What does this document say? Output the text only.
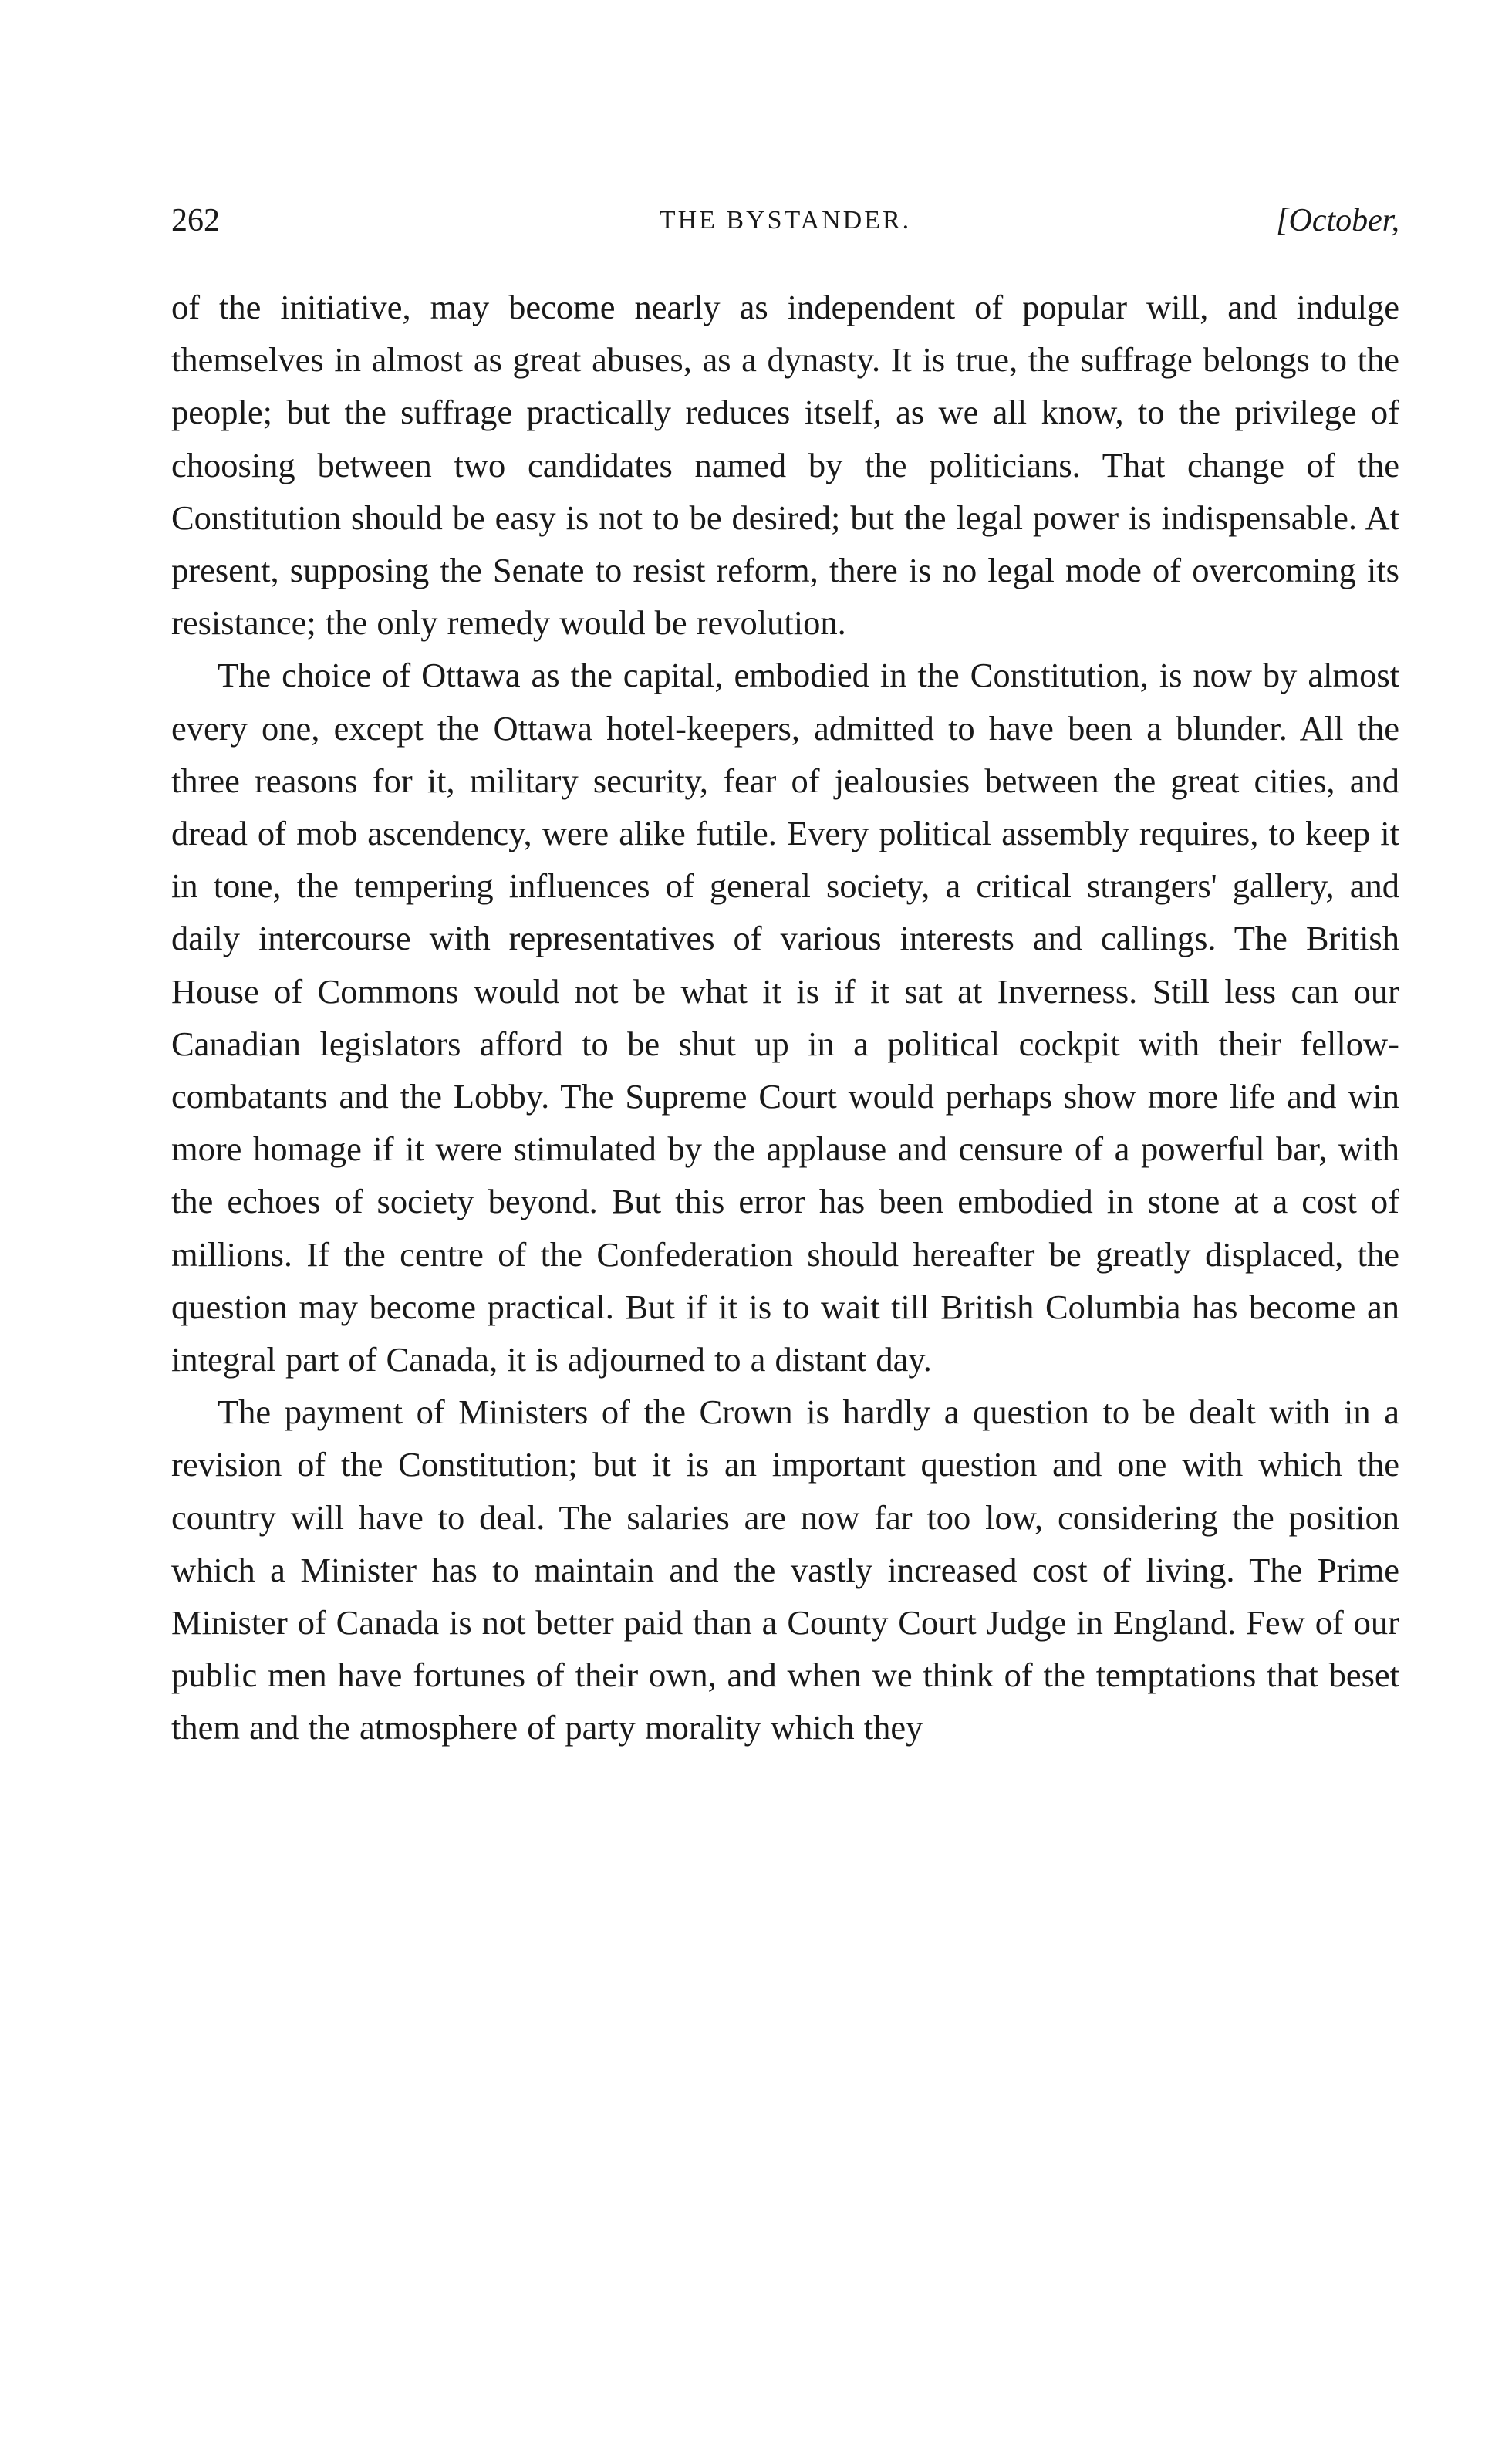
262	THE BYSTANDER.	[October,

of the initiative, may become nearly as independent of popular will, and indulge themselves in almost as great abuses, as a dynasty. It is true, the suffrage belongs to the people; but the suffrage practically reduces itself, as we all know, to the privilege of choosing between two candidates named by the politicians. That change of the Constitution should be easy is not to be desired; but the legal power is indispensable. At present, supposing the Senate to resist reform, there is no legal mode of overcoming its resistance; the only remedy would be revolution.

The choice of Ottawa as the capital, embodied in the Constitution, is now by almost every one, except the Ottawa hotel-keepers, admitted to have been a blunder. All the three reasons for it, military security, fear of jealousies between the great cities, and dread of mob ascendency, were alike futile. Every political assembly requires, to keep it in tone, the tempering influences of general society, a critical strangers' gallery, and daily intercourse with representatives of various interests and callings. The British House of Commons would not be what it is if it sat at Inverness. Still less can our Canadian legislators afford to be shut up in a political cockpit with their fellow-combatants and the Lobby. The Supreme Court would perhaps show more life and win more homage if it were stimulated by the applause and censure of a powerful bar, with the echoes of society beyond. But this error has been embodied in stone at a cost of millions. If the centre of the Confederation should hereafter be greatly displaced, the question may become practical. But if it is to wait till British Columbia has become an integral part of Canada, it is adjourned to a distant day.

The payment of Ministers of the Crown is hardly a question to be dealt with in a revision of the Constitution; but it is an important question and one with which the country will have to deal. The salaries are now far too low, considering the position which a Minister has to maintain and the vastly increased cost of living. The Prime Minister of Canada is not better paid than a County Court Judge in England. Few of our public men have fortunes of their own, and when we think of the temptations that beset them and the atmosphere of party morality which they
